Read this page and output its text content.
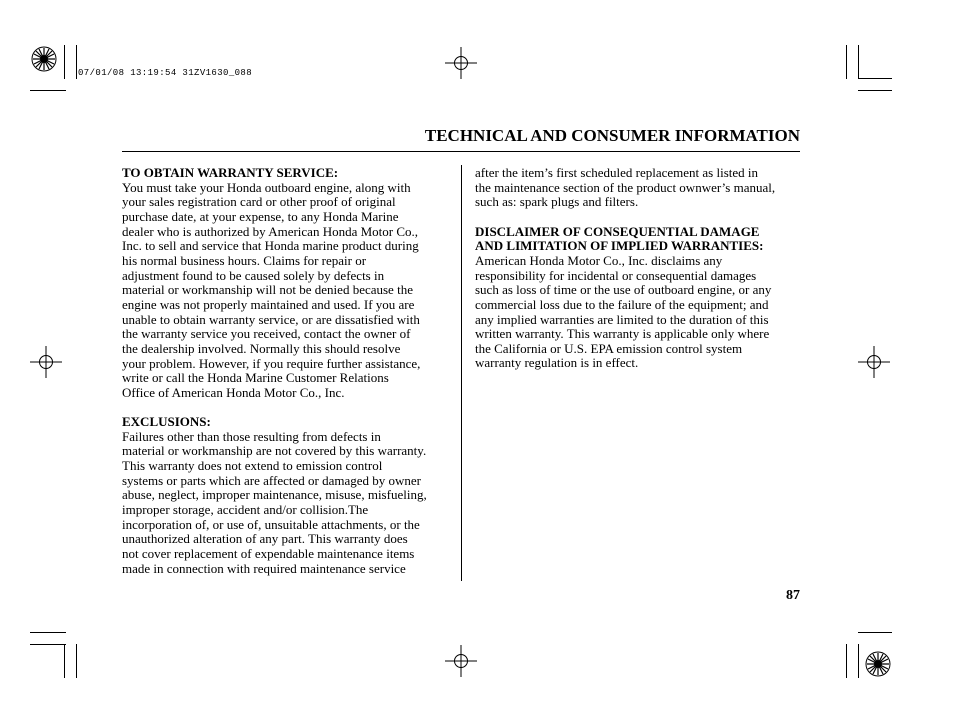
07/01/08 13:19:54 31ZV1630_088
TECHNICAL AND CONSUMER INFORMATION
TO OBTAIN WARRANTY SERVICE:
You must take your Honda outboard engine, along with
your sales registration card or other proof of original
purchase date, at your expense, to any Honda Marine
dealer who is authorized by American Honda Motor Co.,
Inc. to sell and service that Honda marine product during
his normal business hours. Claims for repair or
adjustment found to be caused solely by defects in
material or workmanship will not be denied because the
engine was not properly maintained and used. If you are
unable to obtain warranty service, or are dissatisfied with
the warranty service you received, contact the owner of
the dealership involved. Normally this should resolve
your problem. However, if you require further assistance,
write or call the Honda Marine Customer Relations
Office of American Honda Motor Co., Inc.
EXCLUSIONS:
Failures other than those resulting from defects in
material or workmanship are not covered by this warranty.
This warranty does not extend to emission control
systems or parts which are affected or damaged by owner
abuse, neglect, improper maintenance, misuse, misfueling,
improper storage, accident and/or collision.The
incorporation of, or use of, unsuitable attachments, or the
unauthorized alteration of any part. This warranty does
not cover replacement of expendable maintenance items
made in connection with required maintenance service
after the item’s first scheduled replacement as listed in
the maintenance section of the product ownwer’s manual,
such as: spark plugs and filters.
DISCLAIMER OF CONSEQUENTIAL DAMAGE
AND LIMITATION OF IMPLIED WARRANTIES:
American Honda Motor Co., Inc. disclaims any
responsibility for incidental or consequential damages
such as loss of time or the use of outboard engine, or any
commercial loss due to the failure of the equipment; and
any implied warranties are limited to the duration of this
written warranty. This warranty is applicable only where
the California or U.S. EPA emission control system
warranty regulation is in effect.
87
